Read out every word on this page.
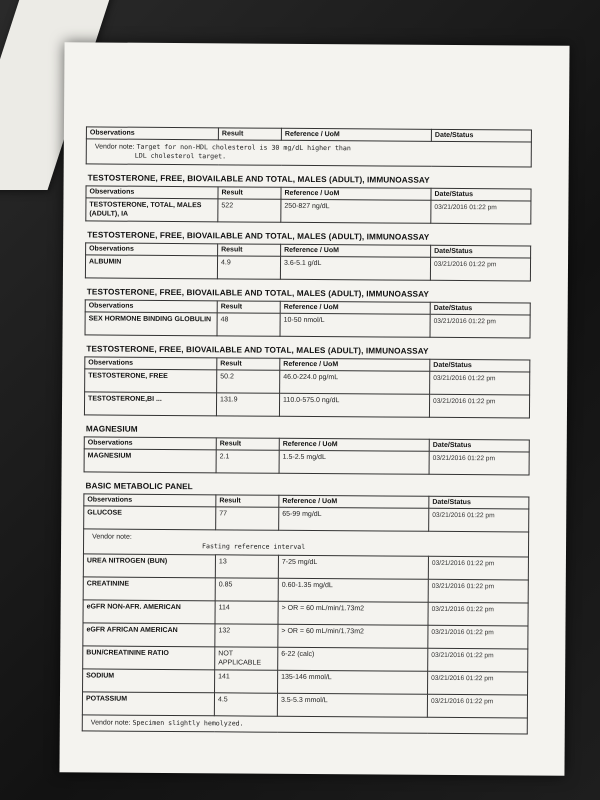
Observations	Result	Reference / UoM	Date/Status
Vendor note: Target for non-HDL cholesterol is 30 mg/dL higher than
LDL cholesterol target.
TESTOSTERONE, FREE, BIOVAILABLE AND TOTAL, MALES (ADULT), IMMUNOASSAY
Observations	Result	Reference / UoM	Date/Status
TESTOSTERONE, TOTAL, MALES (ADULT), IA	522	250-827 ng/dL	03/21/2016 01:22 pm
TESTOSTERONE, FREE, BIOVAILABLE AND TOTAL, MALES (ADULT), IMMUNOASSAY
Observations	Result	Reference / UoM	Date/Status
ALBUMIN	4.9	3.6-5.1 g/dL	03/21/2016 01:22 pm
TESTOSTERONE, FREE, BIOVAILABLE AND TOTAL, MALES (ADULT), IMMUNOASSAY
Observations	Result	Reference / UoM	Date/Status
SEX HORMONE BINDING GLOBULIN	48	10-50 nmol/L	03/21/2016 01:22 pm
TESTOSTERONE, FREE, BIOVAILABLE AND TOTAL, MALES (ADULT), IMMUNOASSAY
Observations	Result	Reference / UoM	Date/Status
TESTOSTERONE, FREE	50.2	46.0-224.0 pg/mL	03/21/2016 01:22 pm
TESTOSTERONE,BI ...	131.9	110.0-575.0 ng/dL	03/21/2016 01:22 pm
MAGNESIUM
Observations	Result	Reference / UoM	Date/Status
MAGNESIUM	2.1	1.5-2.5 mg/dL	03/21/2016 01:22 pm
BASIC METABOLIC PANEL
Observations	Result	Reference / UoM	Date/Status
GLUCOSE	77	65-99 mg/dL	03/21/2016 01:22 pm
Vendor note:
Fasting reference interval			
UREA NITROGEN (BUN)	13	7-25 mg/dL	03/21/2016 01:22 pm
CREATININE	0.85	0.60-1.35 mg/dL	03/21/2016 01:22 pm
eGFR NON-AFR. AMERICAN	114	> OR = 60 mL/min/1.73m2	03/21/2016 01:22 pm
eGFR AFRICAN AMERICAN	132	> OR = 60 mL/min/1.73m2	03/21/2016 01:22 pm
BUN/CREATININE RATIO	NOT APPLICABLE	6-22 (calc)	03/21/2016 01:22 pm
SODIUM	141	135-146 mmol/L	03/21/2016 01:22 pm
POTASSIUM	4.5	3.5-5.3 mmol/L	03/21/2016 01:22 pm
Vendor note: Specimen slightly hemolyzed.			
